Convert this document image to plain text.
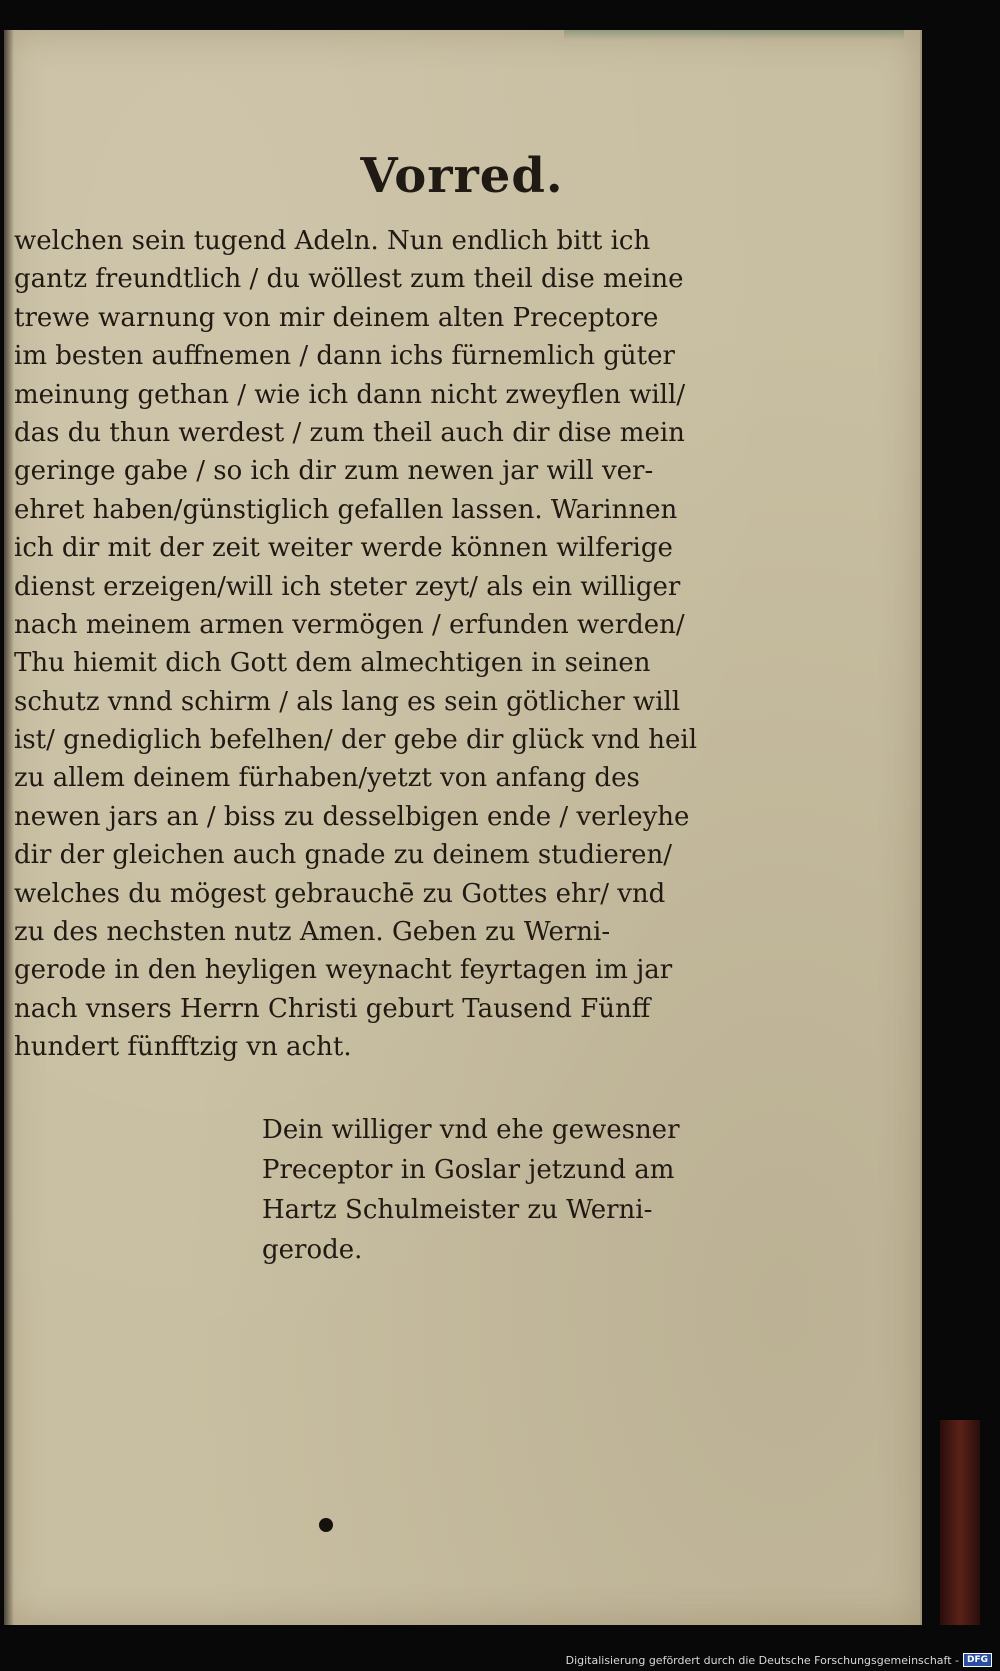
Vorred.
welchen sein tugend Adeln. Nun endlich bitt ich
gantz freundtlich / du wöllest zum theil dise meine
trewe warnung von mir deinem alten Preceptore
im besten auffnemen / dann ichs fürnemlich güter
meinung gethan / wie ich dann nicht zweyflen will/
das du thun werdest / zum theil auch dir dise mein
geringe gabe / so ich dir zum newen jar will ver-
ehret haben/günstiglich gefallen lassen. Warinnen
ich dir mit der zeit weiter werde können wilferige
dienst erzeigen/will ich steter zeyt/ als ein williger
nach meinem armen vermögen / erfunden werden/
Thu hiemit dich Gott dem almechtigen in seinen
schutz vnnd schirm / als lang es sein götlicher will
ist/ gnediglich befelhen/ der gebe dir glück vnd heil
zu allem deinem fürhaben/yetzt von anfang des
newen jars an / biss zu desselbigen ende / verleyhe
dir der gleichen auch gnade zu deinem studieren/
welches du mögest gebrauchē zu Gottes ehr/ vnd
zu des nechsten nutz Amen. Geben zu Werni-
gerode in den heyligen weynacht feyrtagen im jar
nach vnsers Herrn Christi geburt Tausend Fünff
hundert fünfftzig vn acht.
Dein williger vnd ehe gewesner
Preceptor in Goslar jetzund am
Hartz Schulmeister zu Werni-
gerode.
Digitalisierung gefördert durch die Deutsche Forschungsgemeinschaft - DFG
